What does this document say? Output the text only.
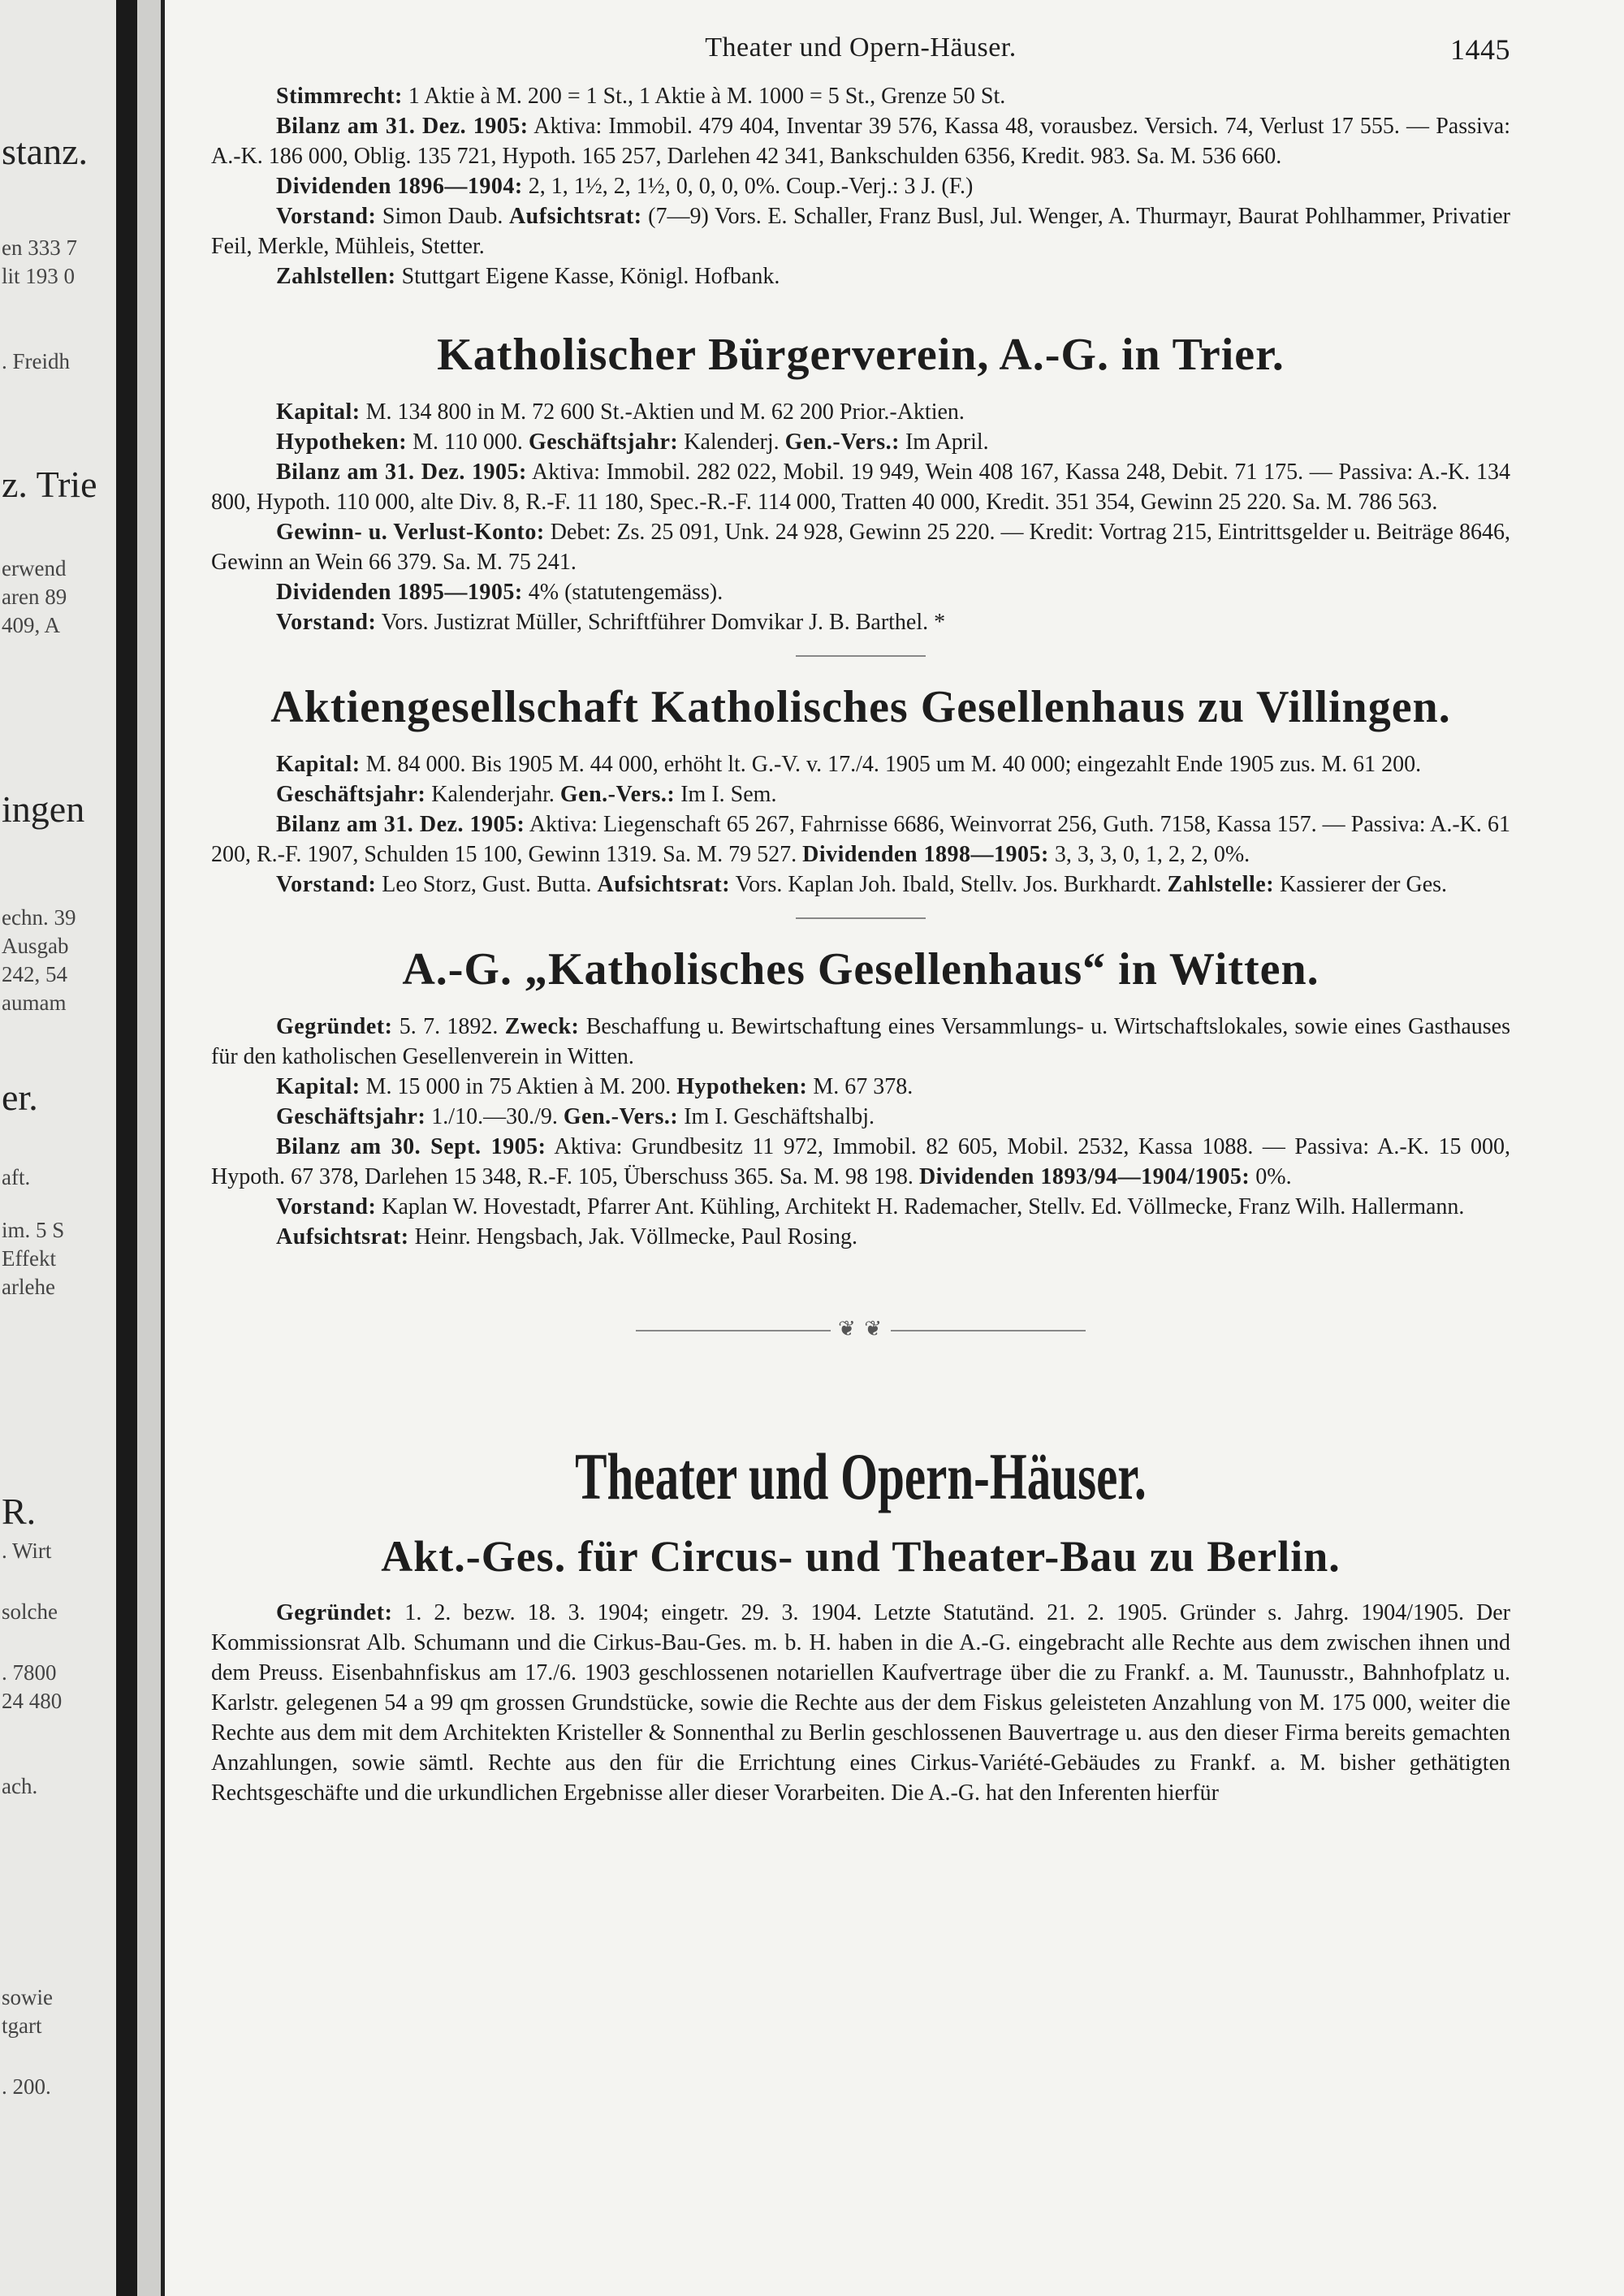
stanz.
en 333 7
lit 193 0
. Freidh
z. Trie
erwend
aren 89
409, A
ingen
echn. 39
Ausgab
242, 54
aumam
er.
aft.
im. 5 S
Effekt
arlehe
R.
. Wirt
solche
. 7800
24 480
ach.
sowie
tgart
. 200.
Theater und Opern-Häuser.	1445

Stimmrecht: 1 Aktie à M. 200 = 1 St., 1 Aktie à M. 1000 = 5 St., Grenze 50 St.

Bilanz am 31. Dez. 1905: Aktiva: Immobil. 479 404, Inventar 39 576, Kassa 48, vorausbez. Versich. 74, Verlust 17 555. — Passiva: A.-K. 186 000, Oblig. 135 721, Hypoth. 165 257, Darlehen 42 341, Bankschulden 6356, Kredit. 983. Sa. M. 536 660.

Dividenden 1896—1904: 2, 1, 1½, 2, 1½, 0, 0, 0, 0%. Coup.-Verj.: 3 J. (F.)

Vorstand: Simon Daub. Aufsichtsrat: (7—9) Vors. E. Schaller, Franz Busl, Jul. Wenger, A. Thurmayr, Baurat Pohlhammer, Privatier Feil, Merkle, Mühleis, Stetter.

Zahlstellen: Stuttgart Eigene Kasse, Königl. Hofbank.

Katholischer Bürgerverein, A.-G. in Trier.

Kapital: M. 134 800 in M. 72 600 St.-Aktien und M. 62 200 Prior.-Aktien.

Hypotheken: M. 110 000. Geschäftsjahr: Kalenderj. Gen.-Vers.: Im April.

Bilanz am 31. Dez. 1905: Aktiva: Immobil. 282 022, Mobil. 19 949, Wein 408 167, Kassa 248, Debit. 71 175. — Passiva: A.-K. 134 800, Hypoth. 110 000, alte Div. 8, R.-F. 11 180, Spec.-R.-F. 114 000, Tratten 40 000, Kredit. 351 354, Gewinn 25 220. Sa. M. 786 563.

Gewinn- u. Verlust-Konto: Debet: Zs. 25 091, Unk. 24 928, Gewinn 25 220. — Kredit: Vortrag 215, Eintrittsgelder u. Beiträge 8646, Gewinn an Wein 66 379. Sa. M. 75 241.

Dividenden 1895—1905: 4% (statutengemäss).

Vorstand: Vors. Justizrat Müller, Schriftführer Domvikar J. B. Barthel. *

Aktiengesellschaft Katholisches Gesellenhaus zu Villingen.

Kapital: M. 84 000. Bis 1905 M. 44 000, erhöht lt. G.-V. v. 17./4. 1905 um M. 40 000; eingezahlt Ende 1905 zus. M. 61 200.

Geschäftsjahr: Kalenderjahr. Gen.-Vers.: Im I. Sem.

Bilanz am 31. Dez. 1905: Aktiva: Liegenschaft 65 267, Fahrnisse 6686, Weinvorrat 256, Guth. 7158, Kassa 157. — Passiva: A.-K. 61 200, R.-F. 1907, Schulden 15 100, Gewinn 1319. Sa. M. 79 527. Dividenden 1898—1905: 3, 3, 3, 0, 1, 2, 2, 0%.

Vorstand: Leo Storz, Gust. Butta. Aufsichtsrat: Vors. Kaplan Joh. Ibald, Stellv. Jos. Burkhardt. Zahlstelle: Kassierer der Ges.

A.-G. „Katholisches Gesellenhaus“ in Witten.

Gegründet: 5. 7. 1892. Zweck: Beschaffung u. Bewirtschaftung eines Versammlungs- u. Wirtschaftslokales, sowie eines Gasthauses für den katholischen Gesellenverein in Witten.

Kapital: M. 15 000 in 75 Aktien à M. 200. Hypotheken: M. 67 378.

Geschäftsjahr: 1./10.—30./9. Gen.-Vers.: Im I. Geschäftshalbj.

Bilanz am 30. Sept. 1905: Aktiva: Grundbesitz 11 972, Immobil. 82 605, Mobil. 2532, Kassa 1088. — Passiva: A.-K. 15 000, Hypoth. 67 378, Darlehen 15 348, R.-F. 105, Überschuss 365. Sa. M. 98 198. Dividenden 1893/94—1904/1905: 0%.

Vorstand: Kaplan W. Hovestadt, Pfarrer Ant. Kühling, Architekt H. Rademacher, Stellv. Ed. Völlmecke, Franz Wilh. Hallermann.

Aufsichtsrat: Heinr. Hengsbach, Jak. Völlmecke, Paul Rosing.

❦ ❦
Theater und Opern-Häuser.
Akt.-Ges. für Circus- und Theater-Bau zu Berlin.

Gegründet: 1. 2. bezw. 18. 3. 1904; eingetr. 29. 3. 1904. Letzte Statutänd. 21. 2. 1905. Gründer s. Jahrg. 1904/1905. Der Kommissionsrat Alb. Schumann und die Cirkus-Bau-Ges. m. b. H. haben in die A.-G. eingebracht alle Rechte aus dem zwischen ihnen und dem Preuss. Eisenbahnfiskus am 17./6. 1903 geschlossenen notariellen Kaufvertrage über die zu Frankf. a. M. Taunusstr., Bahnhofplatz u. Karlstr. gelegenen 54 a 99 qm grossen Grundstücke, sowie die Rechte aus der dem Fiskus geleisteten Anzahlung von M. 175 000, weiter die Rechte aus dem mit dem Architekten Kristeller & Sonnenthal zu Berlin geschlossenen Bauvertrage u. aus den dieser Firma bereits gemachten Anzahlungen, sowie sämtl. Rechte aus den für die Errichtung eines Cirkus-Variété-Gebäudes zu Frankf. a. M. bisher gethätigten Rechtsgeschäfte und die urkundlichen Ergebnisse aller dieser Vorarbeiten. Die A.-G. hat den Inferenten hierfür
